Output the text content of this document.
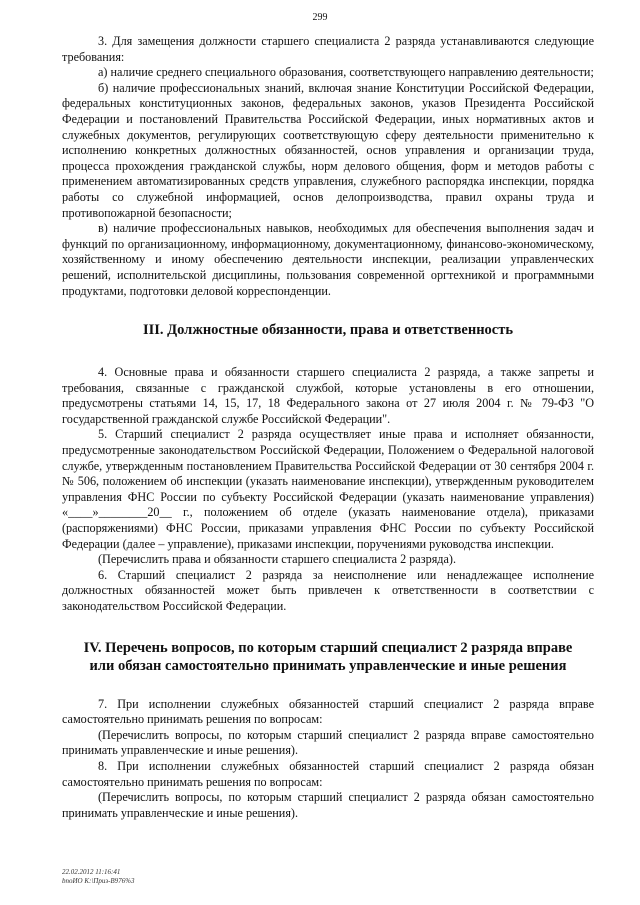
299

3. Для замещения должности старшего специалиста 2 разряда устанавливаются следующие требования:

а) наличие среднего специального образования, соответствующего направлению деятельности;

б) наличие профессиональных знаний, включая знание Конституции Российской Федерации, федеральных конституционных законов, федеральных законов, указов Президента Российской Федерации и постановлений Правительства Российской Федерации, иных нормативных актов и служебных документов, регулирующих соответствующую сферу деятельности применительно к исполнению конкретных должностных обязанностей, основ управления и организации труда, процесса прохождения гражданской службы, норм делового общения, форм и методов работы с применением автоматизированных средств управления, служебного распорядка инспекции, порядка работы со служебной информацией, основ делопроизводства, правил охраны труда и противопожарной безопасности;

в) наличие профессиональных навыков, необходимых для обеспечения выполнения задач и функций по организационному, информационному, документационному, финансово-экономическому, хозяйственному и иному обеспечению деятельности инспекции, реализации управленческих решений, исполнительской дисциплины, пользования современной оргтехникой и программными продуктами, подготовки деловой корреспонденции.

III. Должностные обязанности, права и ответственность

4. Основные права и обязанности старшего специалиста 2 разряда, а также запреты и требования, связанные с гражданской службой, которые установлены в его отношении, предусмотрены статьями 14, 15, 17, 18 Федерального закона от 27 июля 2004 г. № 79-ФЗ "О государственной гражданской службе Российской Федерации".

5. Старший специалист 2 разряда осуществляет иные права и исполняет обязанности, предусмотренные законодательством Российской Федерации, Положением о Федеральной налоговой службе, утвержденным постановлением Правительства Российской Федерации от 30 сентября 2004 г. № 506, положением об инспекции (указать наименование инспекции), утвержденным руководителем управления ФНС России по субъекту Российской Федерации (указать наименование управления) «____»________20__ г., положением об отделе (указать наименование отдела), приказами (распоряжениями) ФНС России, приказами управления ФНС России по субъекту Российской Федерации (далее – управление), приказами инспекции, поручениями руководства инспекции.

(Перечислить права и обязанности старшего специалиста 2 разряда).

6. Старший специалист 2 разряда за неисполнение или ненадлежащее исполнение должностных обязанностей может быть привлечен к ответственности в соответствии с законодательством Российской Федерации.

IV. Перечень вопросов, по которым старший специалист 2 разряда вправе
или обязан самостоятельно принимать управленческие и иные решения

7. При исполнении служебных обязанностей старший специалист 2 разряда вправе самостоятельно принимать решения по вопросам:

(Перечислить вопросы, по которым старший специалист 2 разряда вправе самостоятельно принимать управленческие и иные решения).

8. При исполнении служебных обязанностей старший специалист 2 разряда обязан самостоятельно принимать решения по вопросам:

(Перечислить вопросы, по которым старший специалист 2 разряда обязан самостоятельно принимать управленческие и иные решения).

22.02.2012 11:16:41
bnoИО К:\Приз-В976%3
